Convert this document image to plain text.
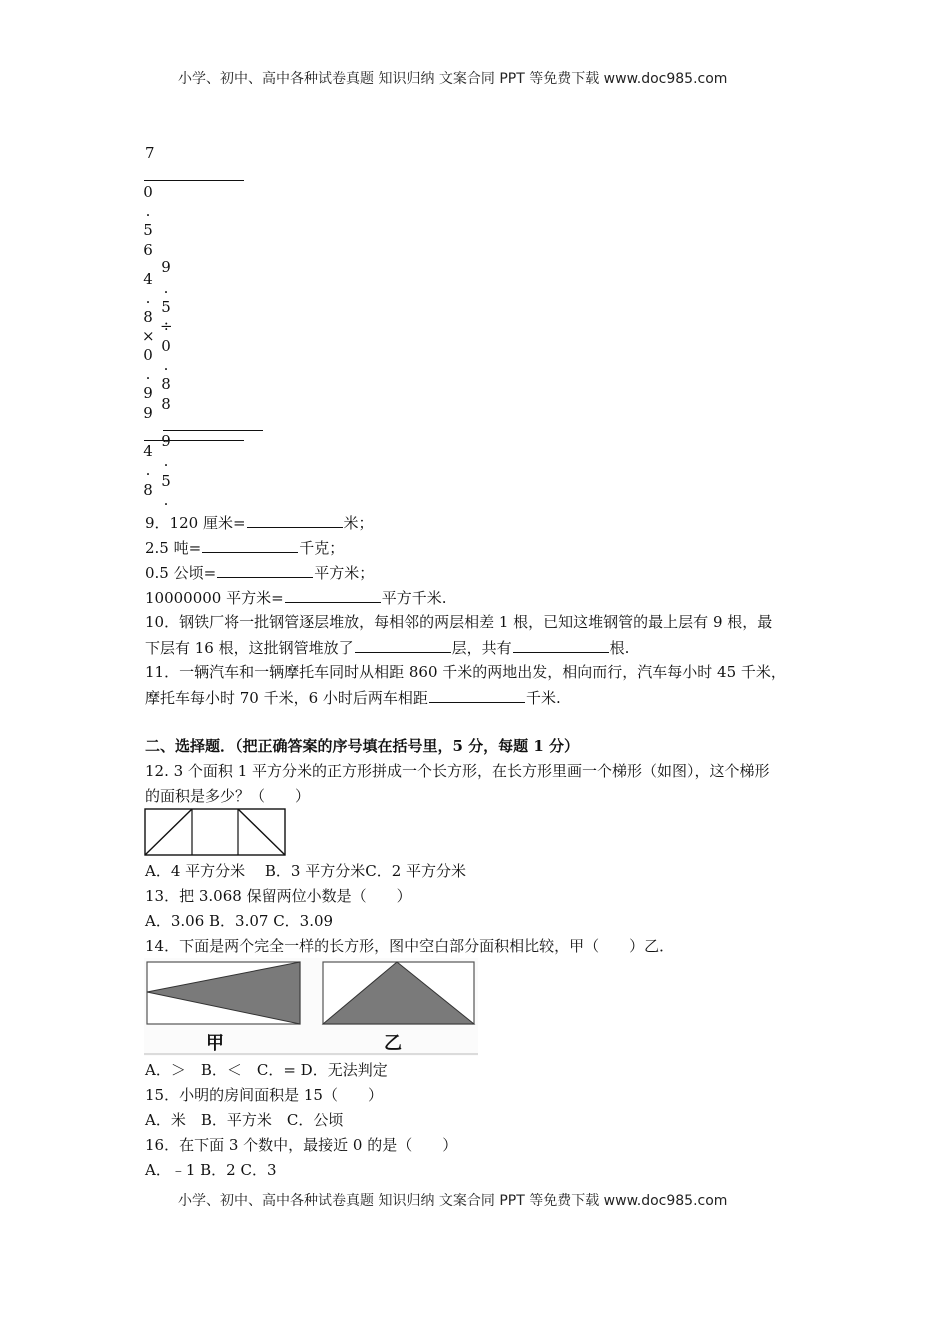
小学、初中、高中各种试卷真题 知识归纳 文案合同 PPT 等免费下载 www.doc985.com
7
0
.
5
6
4
.
8
×
0
.
9
9
9
.
5
÷
0
.
8
8
4
.
8
9
.
5
.
9．120 厘米=	米；
2.5 吨=	千克；
0.5 公顷=	平方米；
10000000 平方米=	平方千米.
10．钢铁厂将一批钢管逐层堆放，每相邻的两层相差 1 根，已知这堆钢管的最上层有 9 根，最
下层有 16 根，这批钢管堆放了	层，共有	根.
11．一辆汽车和一辆摩托车同时从相距 860 千米的两地出发，相向而行，汽车每小时 45 千米，
摩托车每小时 70 千米，6 小时后两车相距	千米.
二、选择题．（把正确答案的序号填在括号里，5 分，每题 1 分）
12. 3 个面积 1 平方分米的正方形拼成一个长方形，在长方形里画一个梯形（如图），这个梯形
的面积是多少？（　　）
A．4 平方分米　 B．3 平方分米C．2 平方分米
13．把 3.068 保留两位小数是（　　）
A．3.06 B．3.07 C．3.09
14．下面是两个完全一样的长方形，图中空白部分面积相比较，甲（　　）乙．
甲	乙
A．＞　B．＜　C．= D．无法判定
15．小明的房间面积是 15（　　）
A．米　B．平方米　C．公顷
16．在下面 3 个数中，最接近 0 的是（　　）
A．﹣1 B．2 C．3
小学、初中、高中各种试卷真题 知识归纳 文案合同 PPT 等免费下载 www.doc985.com
